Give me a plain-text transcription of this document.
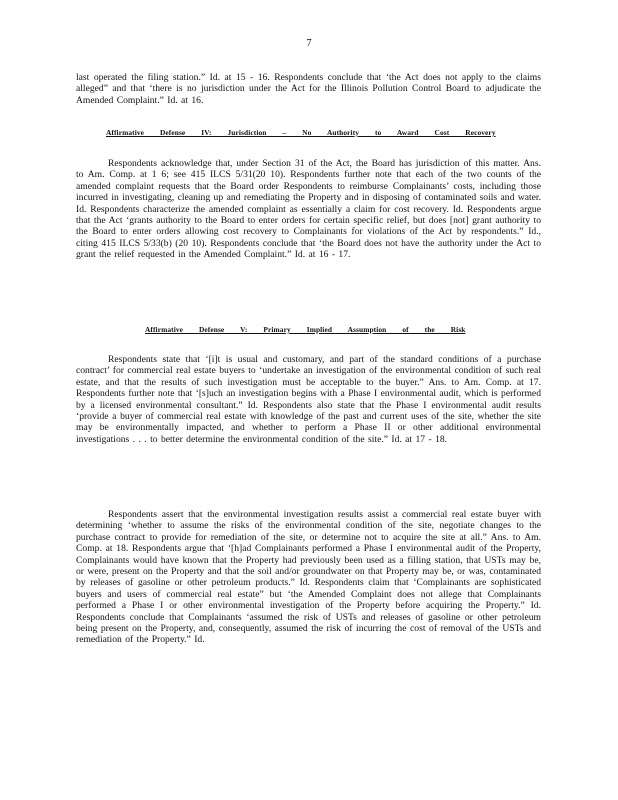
7

last operated the filing station.” Id. at 15 - 16. Respondents conclude that ‘the Act does not apply to the claims alleged” and that ‘there is no jurisdiction under the Act for the Illinois Pollution Control Board to adjudicate the Amended Complaint.” Id. at 16.

Affirmative Defense IV: Jurisdiction – No Authority to Award Cost Recovery

Respondents acknowledge that, under Section 31 of the Act, the Board has jurisdiction of this matter. Ans. to Am. Comp. at 1 6; see 415 ILCS 5/31(20 10). Respondents further note that each of the two counts of the amended complaint requests that the Board order Respondents to reimburse Complainants’ costs, including those incurred in investigating, cleaning up and remediating the Property and in disposing of contaminated soils and water. Id. Respondents characterize the amended complaint as essentially a claim for cost recovery. Id. Respondents argue that the Act ‘grants authority to the Board to enter orders for certain specific relief, but does [not] grant authority to the Board to enter orders allowing cost recovery to Complainants for violations of the Act by respondents.” Id., citing 415 ILCS 5/33(b) (20 10). Respondents conclude that ‘the Board does not have the authority under the Act to grant the relief requested in the Amended Complaint.” Id. at 16 - 17.

Affirmative Defense V: Primary Implied Assumption of the Risk

Respondents state that ‘[i]t is usual and customary, and part of the standard conditions of a purchase contract’ for commercial real estate buyers to ‘undertake an investigation of the environmental condition of such real estate, and that the results of such investigation must be acceptable to the buyer.” Ans. to Am. Comp. at 17. Respondents further note that ‘[s]uch an investigation begins with a Phase I environmental audit, which is performed by a licensed environmental consultant.” Id. Respondents also state that the Phase I environmental audit results ‘provide a buyer of commercial real estate with knowledge of the past and current uses of the site, whether the site may be environmentally impacted, and whether to perform a Phase II or other additional environmental investigations . . . to better determine the environmental condition of the site.” Id. at 17 - 18.

Respondents assert that the environmental investigation results assist a commercial real estate buyer with determining ‘whether to assume the risks of the environmental condition of the site, negotiate changes to the purchase contract to provide for remediation of the site, or determine not to acquire the site at all.” Ans. to Am. Comp. at 18. Respondents argue that ‘[h]ad Complainants performed a Phase I environmental audit of the Property, Complainants would have known that the Property had previously been used as a filling station, that USTs may be, or were, present on the Property and that the soil and/or groundwater on that Property may be, or was, contaminated by releases of gasoline or other petroleum products.” Id. Respondents claim that ‘Complainants are sophisticated buyers and users of commercial real estate” but ‘the Amended Complaint does not allege that Complainants performed a Phase I or other environmental investigation of the Property before acquiring the Property.” Id. Respondents conclude that Complainants ‘assumed the risk of USTs and releases of gasoline or other petroleum being present on the Property, and, consequently, assumed the risk of incurring the cost of removal of the USTs and remediation of the Property.” Id.
